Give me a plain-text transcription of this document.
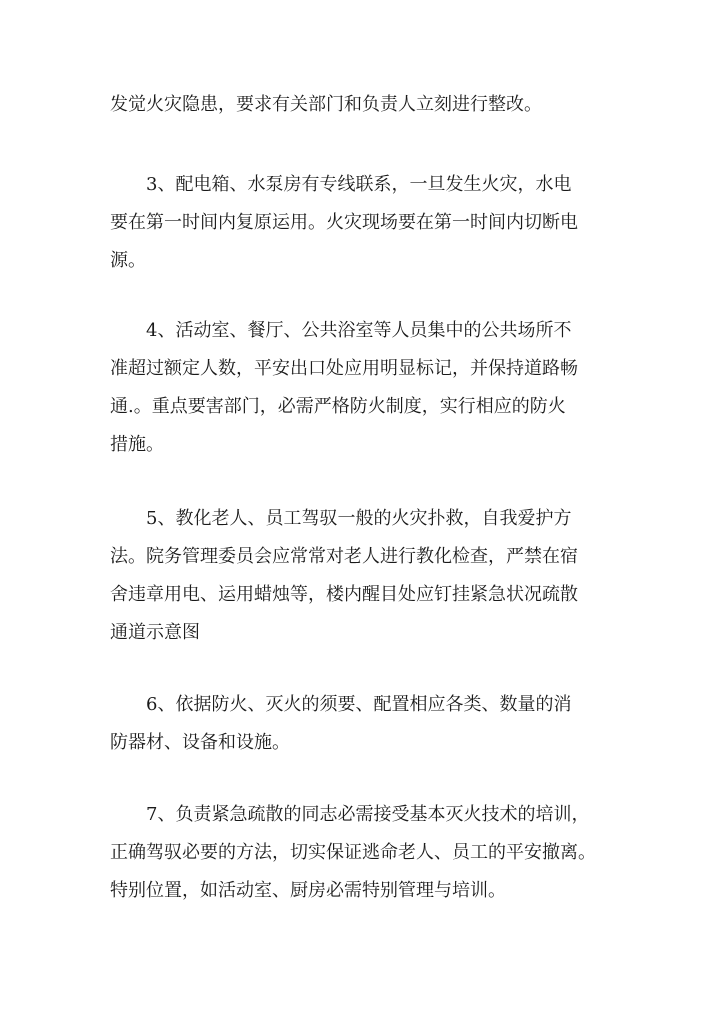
发觉火灾隐患，要求有关部门和负责人立刻进行整改。
　　3、配电箱、水泵房有专线联系，一旦发生火灾，水电
要在第一时间内复原运用。火灾现场要在第一时间内切断电
源。
　　4、活动室、餐厅、公共浴室等人员集中的公共场所不
准超过额定人数，平安出口处应用明显标记，并保持道路畅
通.。重点要害部门，必需严格防火制度，实行相应的防火
措施。
　　5、教化老人、员工驾驭一般的火灾扑救，自我爱护方
法。院务管理委员会应常常对老人进行教化检查，严禁在宿
舍违章用电、运用蜡烛等，楼内醒目处应钉挂紧急状况疏散
通道示意图
　　6、依据防火、灭火的须要、配置相应各类、数量的消
防器材、设备和设施。
　　7、负责紧急疏散的同志必需接受基本灭火技术的培训，
正确驾驭必要的方法，切实保证逃命老人、员工的平安撤离。
特别位置，如活动室、厨房必需特别管理与培训。
